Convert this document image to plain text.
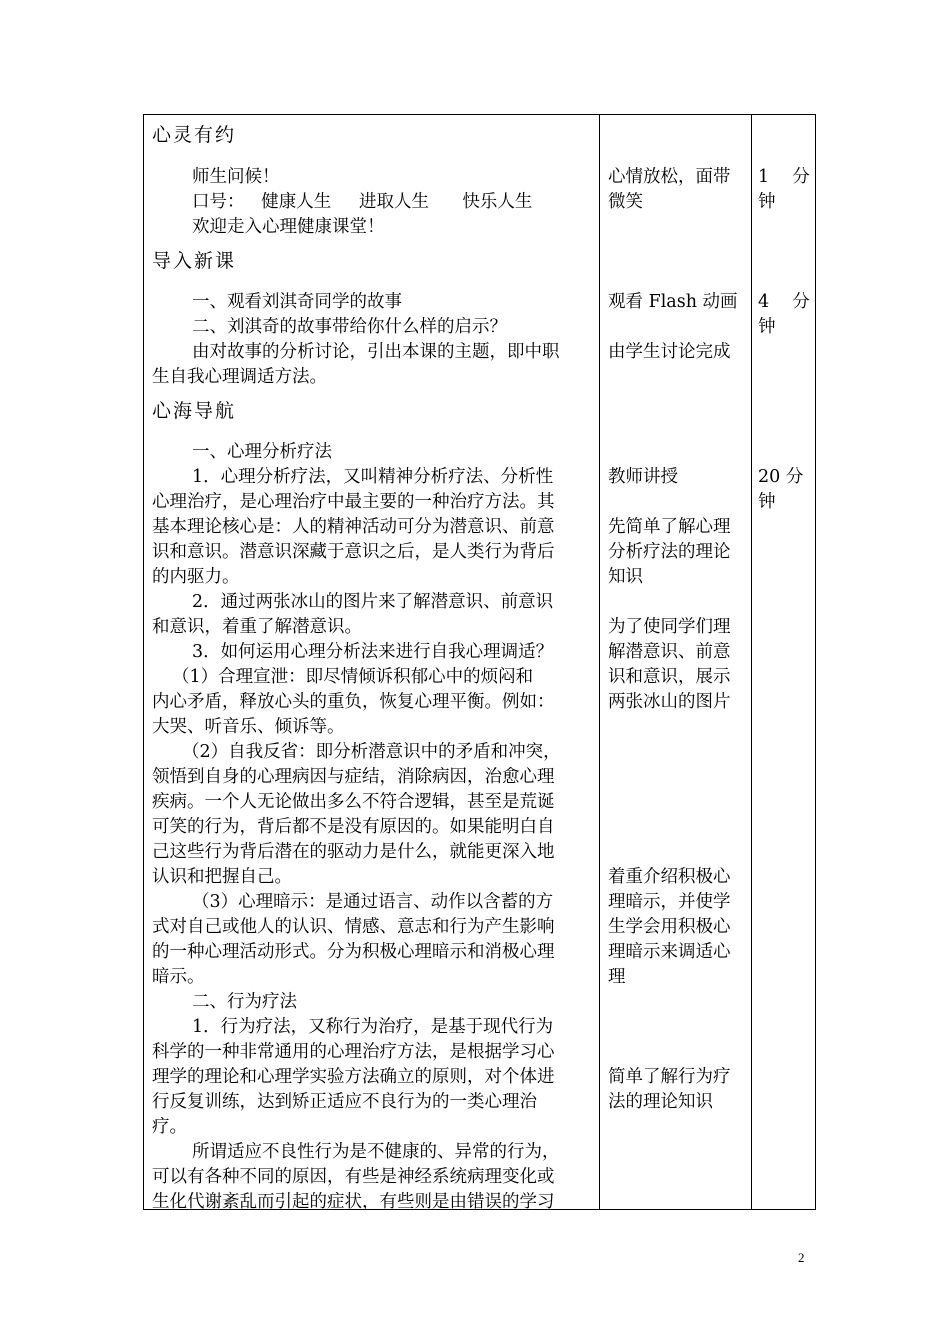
心灵有约
师生问候！
口号：   健康人生     进取人生      快乐人生
欢迎走入心理健康课堂！
导入新课
一、观看刘淇奇同学的故事
二、刘淇奇的故事带给你什么样的启示？
由对故事的分析讨论，引出本课的主题，即中职
生自我心理调适方法。
心海导航
一、心理分析疗法
1．心理分析疗法，又叫精神分析疗法、分析性
心理治疗，是心理治疗中最主要的一种治疗方法。其
基本理论核心是：人的精神活动可分为潜意识、前意
识和意识。潜意识深藏于意识之后，是人类行为背后
的内驱力。
2．通过两张冰山的图片来了解潜意识、前意识
和意识，着重了解潜意识。
3．如何运用心理分析法来进行自我心理调适？
（1）合理宣泄：即尽情倾诉积郁心中的烦闷和
内心矛盾，释放心头的重负，恢复心理平衡。例如：
大哭、听音乐、倾诉等。
（2）自我反省：即分析潜意识中的矛盾和冲突，
领悟到自身的心理病因与症结，消除病因，治愈心理
疾病。一个人无论做出多么不符合逻辑，甚至是荒诞
可笑的行为，背后都不是没有原因的。如果能明白自
己这些行为背后潜在的驱动力是什么，就能更深入地
认识和把握自己。
（3）心理暗示：是通过语言、动作以含蓄的方
式对自己或他人的认识、情感、意志和行为产生影响
的一种心理活动形式。分为积极心理暗示和消极心理
暗示。
二、行为疗法
1．行为疗法，又称行为治疗，是基于现代行为
科学的一种非常通用的心理治疗方法，是根据学习心
理学的理论和心理学实验方法确立的原则，对个体进
行反复训练，达到矫正适应不良行为的一类心理治
疗。
所谓适应不良性行为是不健康的、异常的行为，
可以有各种不同的原因，有些是神经系统病理变化或
生化代谢紊乱而引起的症状，有些则是由错误的学习
心情放松，面带
微笑
观看 Flash 动画
由学生讨论完成
教师讲授
先简单了解心理
分析疗法的理论
知识
为了使同学们理
解潜意识、前意
识和意识，展示
两张冰山的图片
着重介绍积极心
理暗示，并使学
生学会用积极心
理暗示来调适心
理
简单了解行为疗
法的理论知识
1　 分
钟
4　 分
钟
20 分
钟
2
